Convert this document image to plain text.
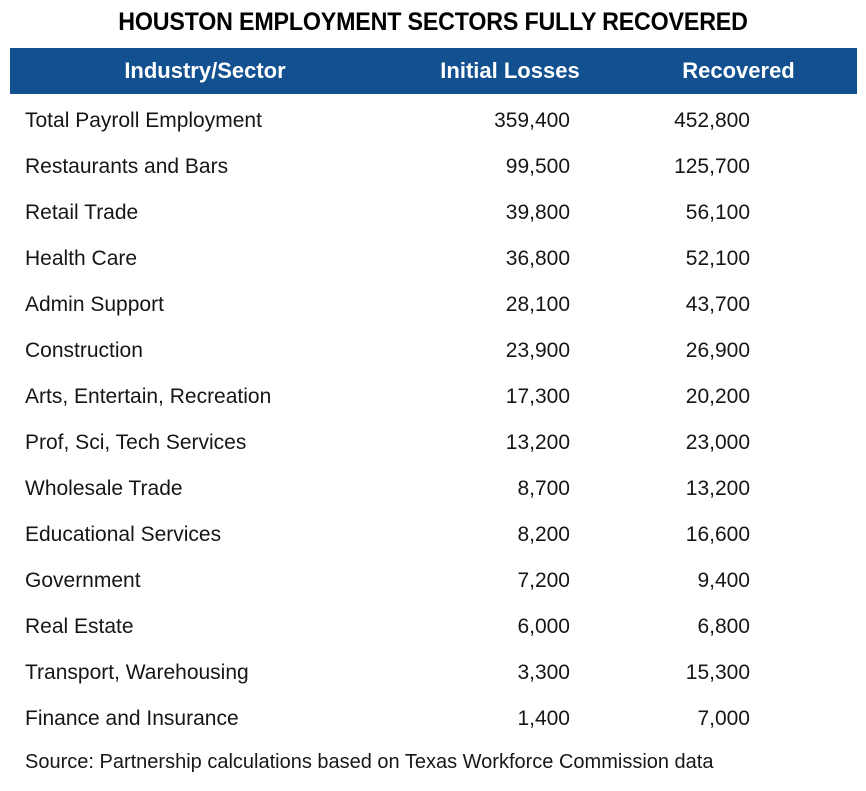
HOUSTON EMPLOYMENT SECTORS FULLY RECOVERED
Industry/Sector	Initial Losses	Recovered
Total Payroll Employment	359,400	452,800
Restaurants and Bars	99,500	125,700
Retail Trade	39,800	56,100
Health Care	36,800	52,100
Admin Support	28,100	43,700
Construction	23,900	26,900
Arts, Entertain, Recreation	17,300	20,200
Prof, Sci, Tech Services	13,200	23,000
Wholesale Trade	8,700	13,200
Educational Services	8,200	16,600
Government	7,200	9,400
Real Estate	6,000	6,800
Transport, Warehousing	3,300	15,300
Finance and Insurance	1,400	7,000
Source: Partnership calculations based on Texas Workforce Commission data
